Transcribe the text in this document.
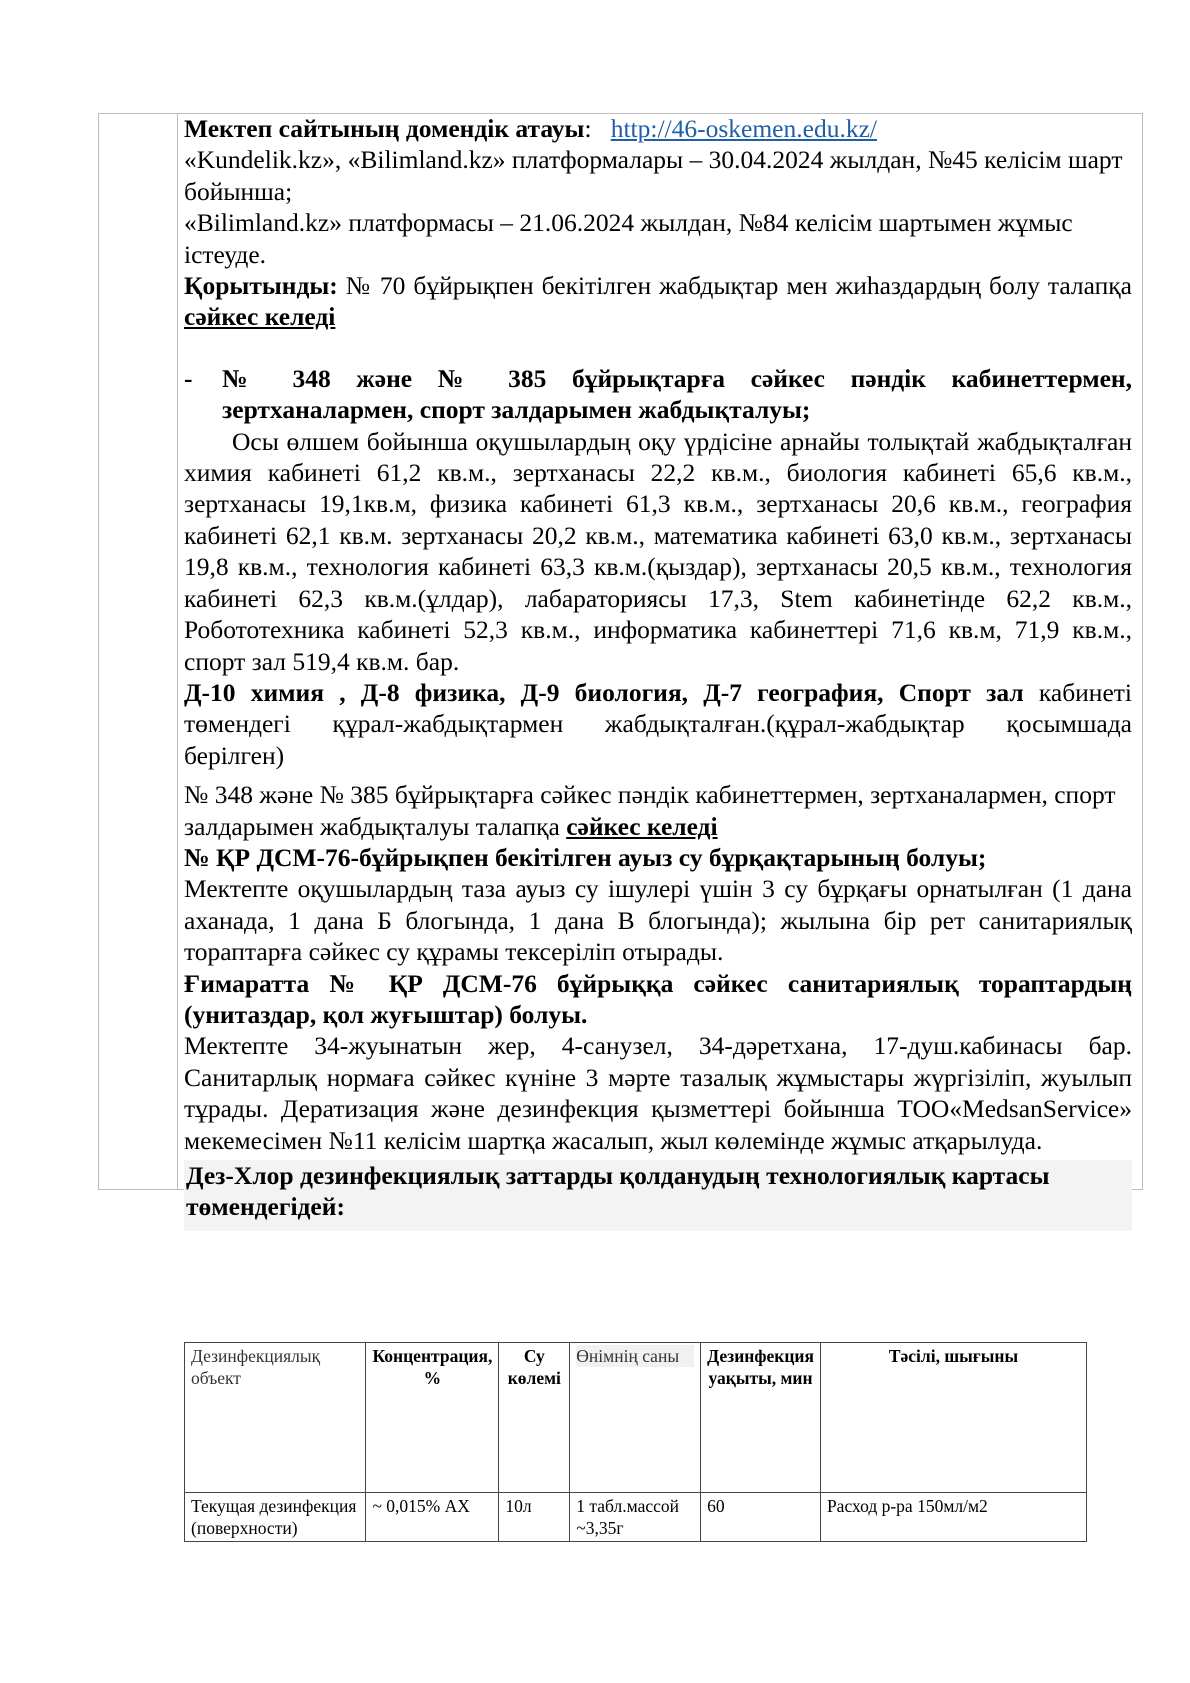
Мектеп сайтының домендік атауы: http://46-oskemen.edu.kz/

«Kundelik.kz», «Bilimland.kz» платформалары – 30.04.2024 жылдан, №45 келісім шарт бойынша;

«Bilimland.kz» платформасы – 21.06.2024 жылдан, №84 келісім шартымен жұмыс істеуде.

Қорытынды: № 70 бұйрықпен бекітілген жабдықтар мен жиһаздардың болу талапқа сәйкес келеді

-	№ 348 және № 385 бұйрықтарға сәйкес пәндік кабинеттермен, зертханалармен, спорт залдарымен жабдықталуы;

Осы өлшем бойынша оқушылардың оқу үрдісіне арнайы толықтай жабдықталған химия кабинеті 61,2 кв.м., зертханасы 22,2 кв.м., биология кабинеті 65,6 кв.м., зертханасы 19,1кв.м, физика кабинеті 61,3 кв.м., зертханасы 20,6 кв.м., география кабинеті 62,1 кв.м. зертханасы 20,2 кв.м., математика кабинеті 63,0 кв.м., зертханасы 19,8 кв.м., технология кабинеті 63,3 кв.м.(қыздар), зертханасы 20,5 кв.м., технология кабинеті 62,3 кв.м.(ұлдар), лабараториясы 17,3, Stem кабинетінде 62,2 кв.м., Робототехника кабинеті 52,3 кв.м., информатика кабинеттері 71,6 кв.м, 71,9 кв.м., спорт зал 519,4 кв.м. бар.

Д-10 химия , Д-8 физика, Д-9 биология, Д-7 география, Спорт зал кабинеті төмендегі құрал-жабдықтармен жабдықталған.(құрал-жабдықтар қосымшада берілген)

№ 348 және № 385 бұйрықтарға сәйкес пәндік кабинеттермен, зертханалармен, спорт залдарымен жабдықталуы талапқа сәйкес келеді

№ ҚР ДСМ-76-бұйрықпен бекітілген ауыз су бұрқақтарының болуы;

Мектепте оқушылардың таза ауыз су ішулері үшін 3 су бұрқағы орнатылған (1 дана аханада, 1 дана Б блогында, 1 дана В блогында); жылына бір рет санитариялық тораптарға сәйкес су құрамы тексеріліп отырады.

Ғимаратта № ҚР ДСМ-76 бұйрыққа сәйкес санитариялық тораптардың (унитаздар, қол жуғыштар) болуы.

Мектепте 34-жуынатын жер, 4-санузел, 34-дәретхана, 17-душ.кабинасы бар. Санитарлық нормаға сәйкес күніне 3 мәрте тазалық жұмыстары жүргізіліп, жуылып тұрады. Дератизация және дезинфекция қызметтері бойынша ТОО«MedsanService» мекемесімен №11 келісім шартқа жасалып, жыл көлемінде жұмыс атқарылуда.

Дез-Хлор дезинфекциялық заттарды қолданудың технологиялық картасы төмендегідей:
Дезинфекциялық объект	Концентрация, %	Су көлемі	Өнімнің саны	Дезинфекция уақыты, мин	Тәсілі, шығыны
Текущая дезинфекция (поверхности)	~ 0,015% АХ	10л	1 табл.массой ~3,35г	60	Расход р-ра 150мл/м2
